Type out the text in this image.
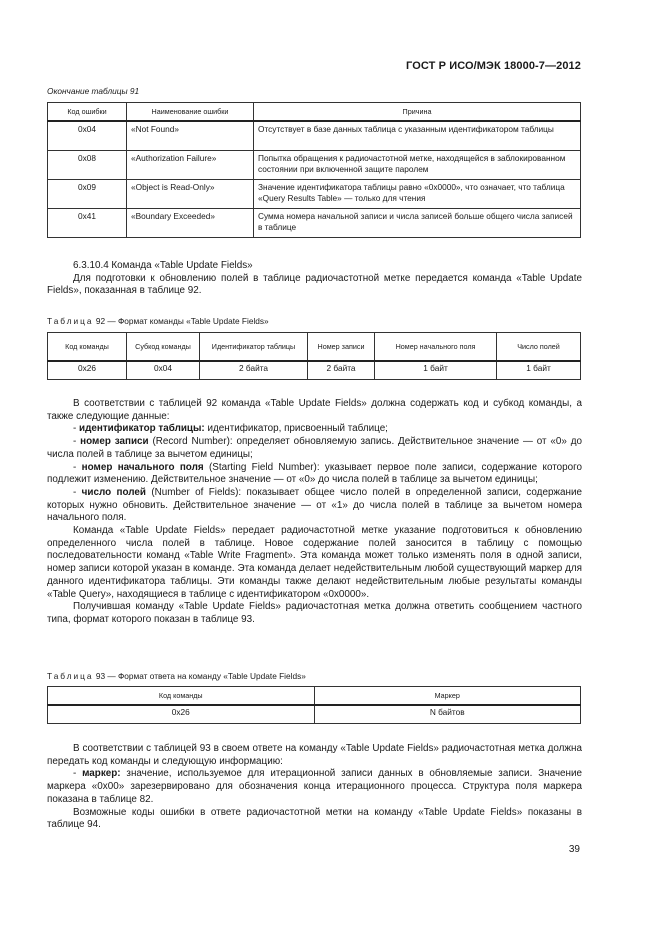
ГОСТ Р ИСО/МЭК 18000-7—2012
Окончание таблицы 91
Код ошибки	Наименование ошибки	Причина
0x04	«Not Found»	Отсутствует в базе данных таблица с указанным идентификатором таблицы
0x08	«Authorization Failure»	Попытка обращения к радиочастотной метке, находящейся в заблокированном состоянии при включенной защите паролем
0x09	«Object is Read-Only»	Значение идентификатора таблицы равно «0x0000», что означает, что таблица «Query Results Table» — только для чтения
0x41	«Boundary Exceeded»	Сумма номера начальной записи и числа записей больше общего числа записей в таблице

6.3.10.4 Команда «Table Update Fields»

Для подготовки к обновлению полей в таблице радиочастотной метке передается команда «Table Update Fields», показанная в таблице 92.

Таблица 92 — Формат команды «Table Update Fields»
Код команды	Субкод команды	Идентификатор таблицы	Номер записи	Номер начального поля	Число полей
0x26	0x04	2 байта	2 байта	1 байт	1 байт

В соответствии с таблицей 92 команда «Table Update Fields» должна содержать код и субкод команды, а также следующие данные:

- идентификатор таблицы: идентификатор, присвоенный таблице;

- номер записи (Record Number): определяет обновляемую запись. Действительное значение — от «0» до числа полей в таблице за вычетом единицы;

- номер начального поля (Starting Field Number): указывает первое поле записи, содержание которого подлежит изменению. Действительное значение — от «0» до числа полей в таблице за вычетом единицы;

- число полей (Number of Fields): показывает общее число полей в определенной записи, содержание которых нужно обновить. Действительное значение — от «1» до числа полей в таблице за вычетом номера начального поля.

Команда «Table Update Fields» передает радиочастотной метке указание подготовиться к обновлению определенного числа полей в таблице. Новое содержание полей заносится в таблицу с помощью последовательности команд «Table Write Fragment». Эта команда может только изменять поля в одной записи, номер записи которой указан в команде. Эта команда делает недействительным любой существующий маркер для данного идентификатора таблицы. Эти команды также делают недействительным любые результаты команды «Table Query», находящиеся в таблице с идентификатором «0x0000».

Получившая команду «Table Update Fields» радиочастотная метка должна ответить сообщением частного типа, формат которого показан в таблице 93.

Таблица 93 — Формат ответа на команду «Table Update Fields»
Код команды	Маркер
0x26	N байтов

В соответствии с таблицей 93 в своем ответе на команду «Table Update Fields» радиочастотная метка должна передать код команды и следующую информацию:

- маркер: значение, используемое для итерационной записи данных в обновляемые записи. Значение маркера «0x00» зарезервировано для обозначения конца итерационного процесса. Структура поля маркера показана в таблице 82.

Возможные коды ошибки в ответе радиочастотной метки на команду «Table Update Fields» показаны в таблице 94.

39
